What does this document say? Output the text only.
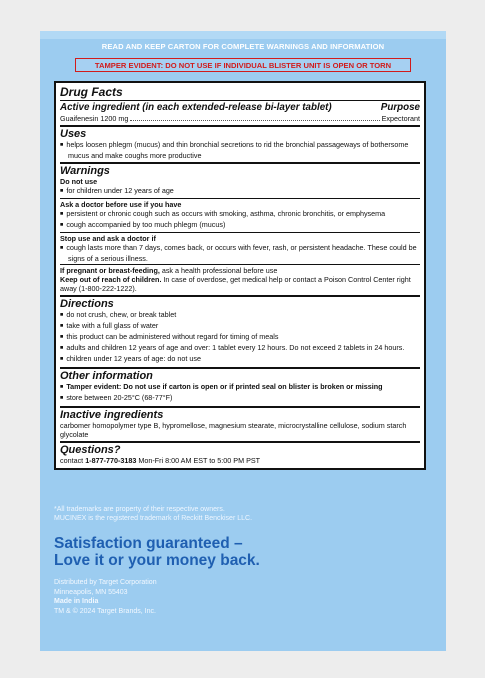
READ AND KEEP CARTON FOR COMPLETE WARNINGS AND INFORMATION
TAMPER EVIDENT: DO NOT USE IF INDIVIDUAL BLISTER UNIT IS OPEN OR TORN
Drug Facts
Active ingredient (in each extended-release bi-layer tablet)	Purpose
Guaifenesin 1200 mg	Expectorant
Uses
■ helps loosen phlegm (mucus) and thin bronchial secretions to rid the bronchial passageways of bothersome mucus and make coughs more productive
Warnings
Do not use
■ for children under 12 years of age
Ask a doctor before use if you have
■ persistent or chronic cough such as occurs with smoking, asthma, chronic bronchitis, or emphysema
■ cough accompanied by too much phlegm (mucus)
Stop use and ask a doctor if
■ cough lasts more than 7 days, comes back, or occurs with fever, rash, or persistent headache. These could be signs of a serious illness.
If pregnant or breast-feeding, ask a health professional before use
Keep out of reach of children. In case of overdose, get medical help or contact a Poison Control Center right away (1-800-222-1222).
Directions
■ do not crush, chew, or break tablet
■ take with a full glass of water
■ this product can be administered without regard for timing of meals
■ adults and children 12 years of age and over: 1 tablet every 12 hours. Do not exceed 2 tablets in 24 hours.
■ children under 12 years of age: do not use
Other information
■ Tamper evident: Do not use if carton is open or if printed seal on blister is broken or missing
■ store between 20-25°C (68-77°F)
Inactive ingredients
carbomer homopolymer type B, hypromellose, magnesium stearate, microcrystalline cellulose, sodium starch glycolate
Questions?
contact 1-877-770-3183 Mon-Fri 8:00 AM EST to 5:00 PM PST
*All trademarks are property of their respective owners.
MUCINEX is the registered trademark of Reckitt Benckiser LLC.
Satisfaction guaranteed –
Love it or your money back.
Distributed by Target Corporation
Minneapolis, MN 55403
Made in India
TM & © 2024 Target Brands, Inc.
